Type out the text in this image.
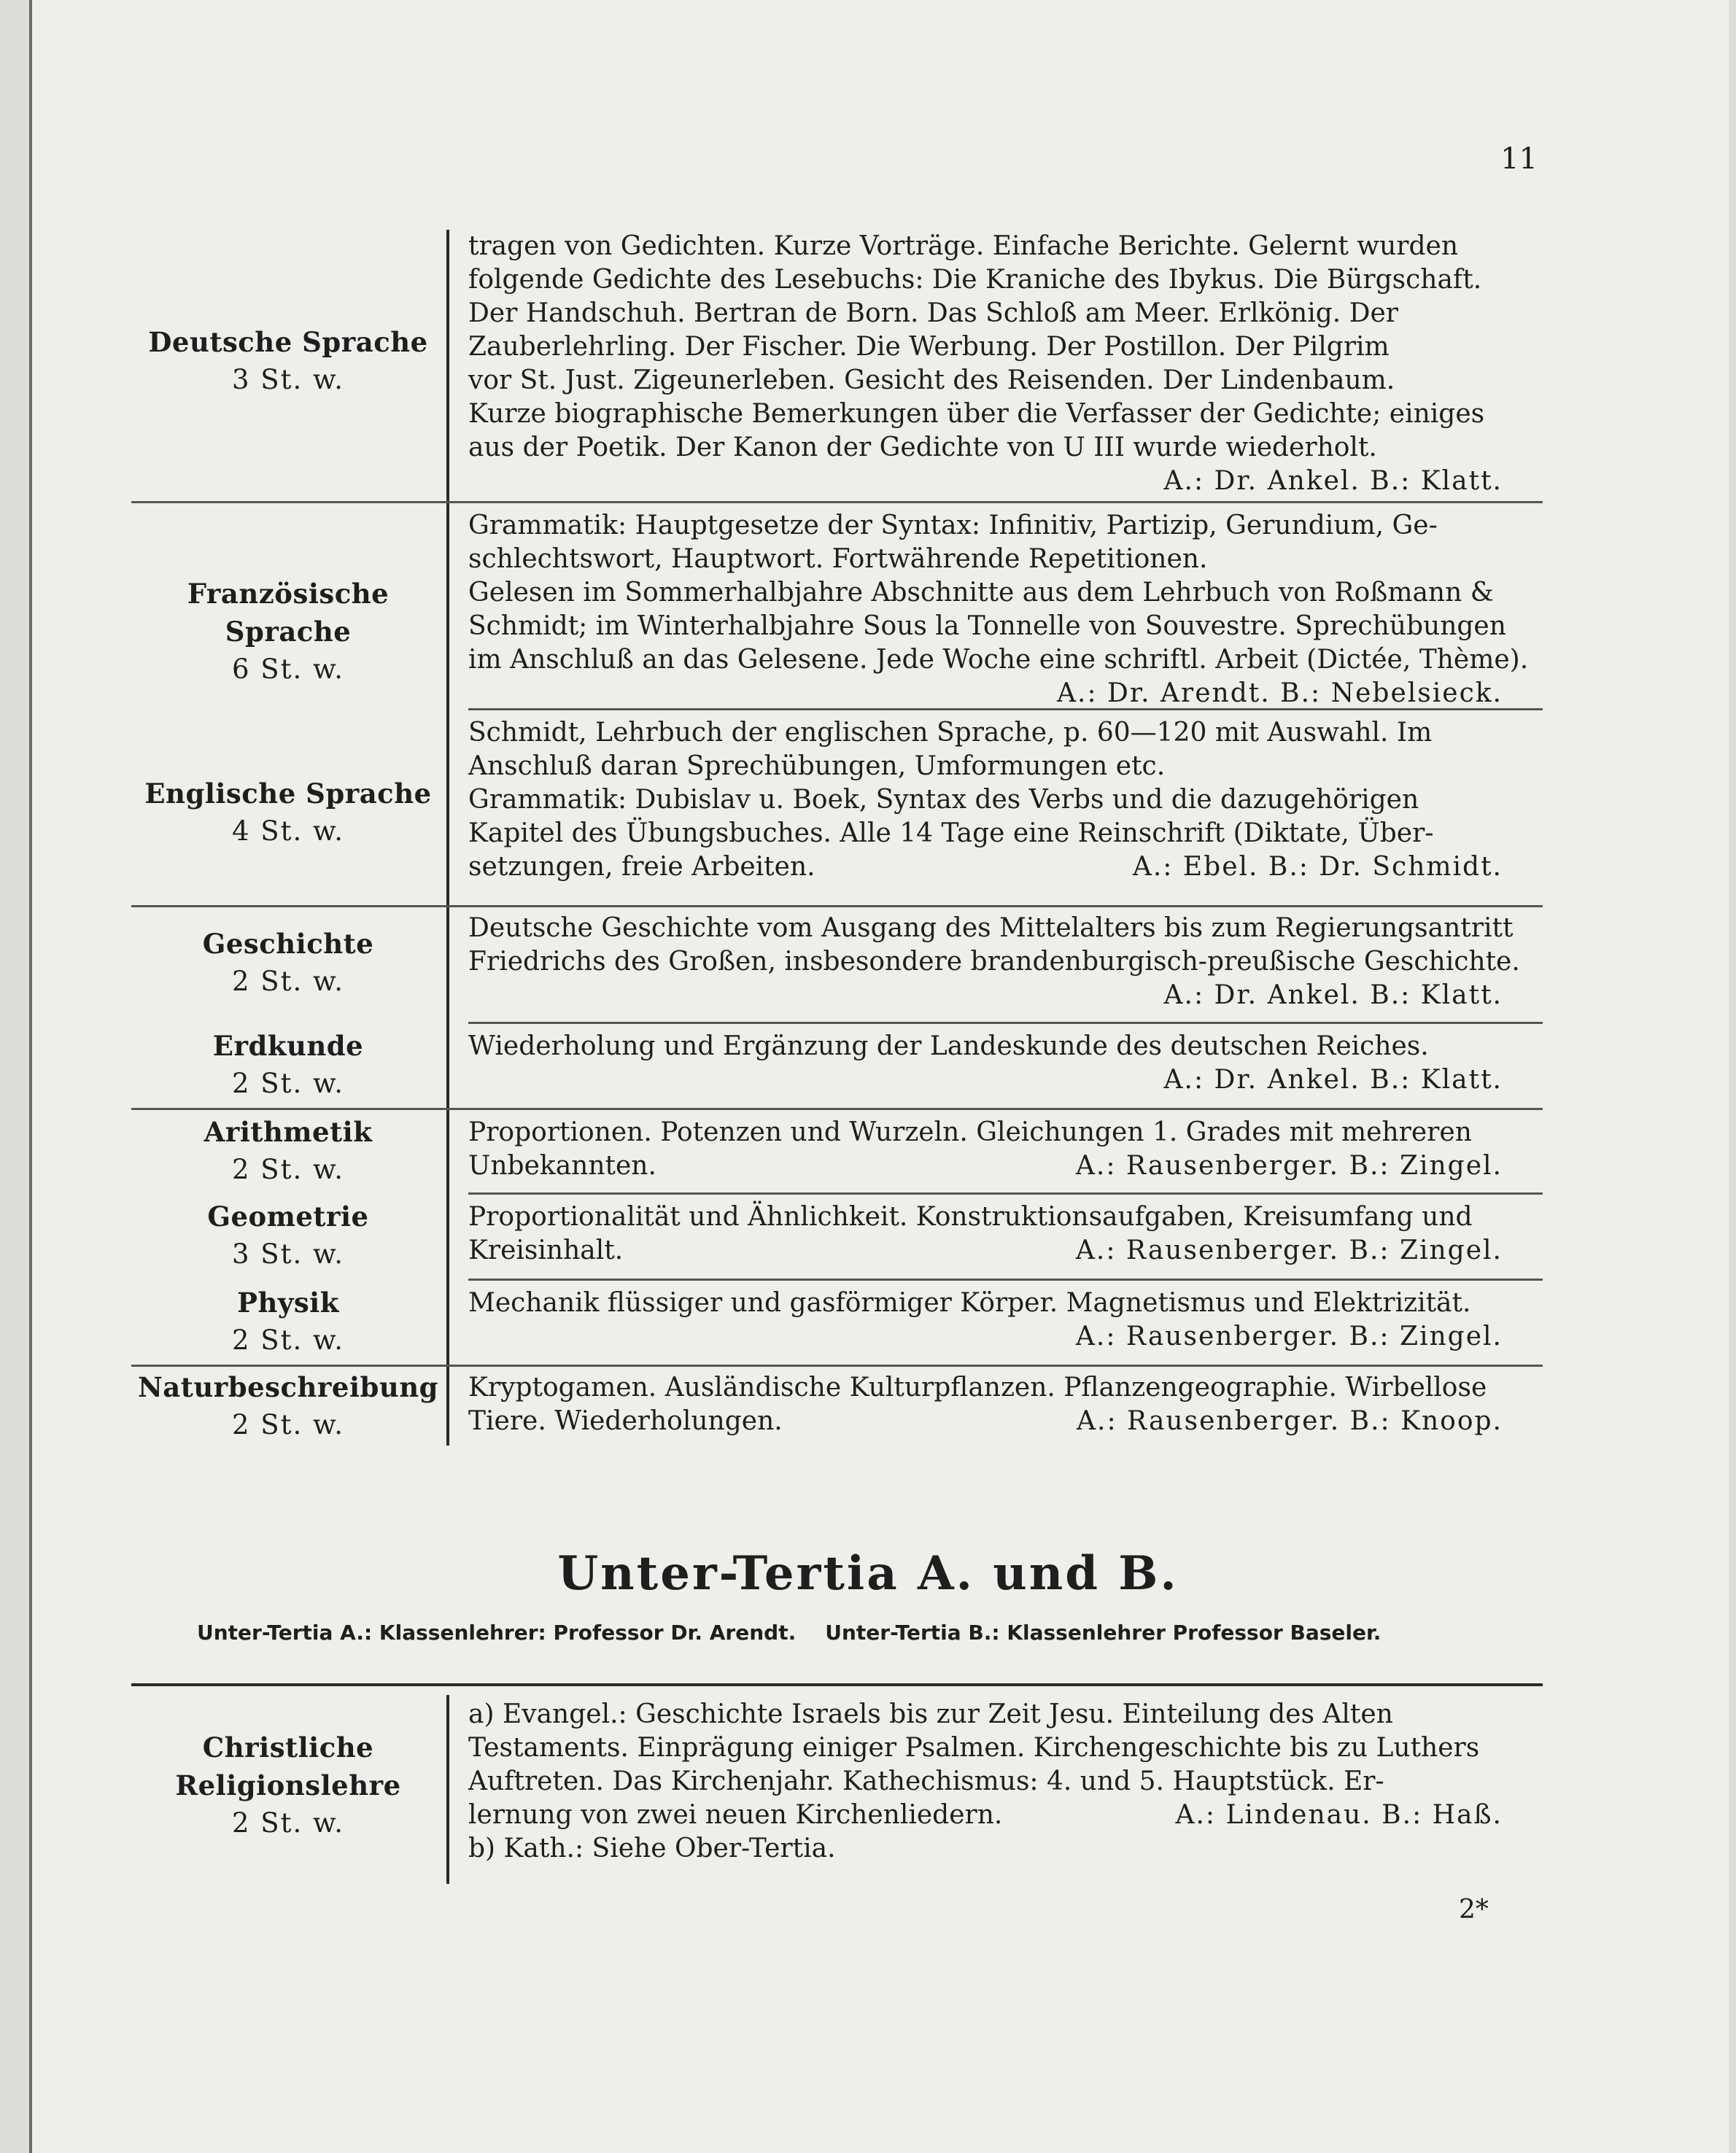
11
Deutsche Sprache
3 St. w.
tragen von Gedichten. Kurze Vorträge. Einfache Berichte. Gelernt wurden
folgende Gedichte des Lesebuchs: Die Kraniche des Ibykus. Die Bürgschaft.
Der Handschuh. Bertran de Born. Das Schloß am Meer. Erlkönig. Der
Zauberlehrling. Der Fischer. Die Werbung. Der Postillon. Der Pilgrim
vor St. Just. Zigeunerleben. Gesicht des Reisenden. Der Lindenbaum.
Kurze biographische Bemerkungen über die Verfasser der Gedichte; einiges
aus der Poetik. Der Kanon der Gedichte von U III wurde wiederholt.
A.: Dr. Ankel. B.: Klatt.
Französische Sprache
6 St. w.
Grammatik: Hauptgesetze der Syntax: Infinitiv, Partizip, Gerundium, Ge-
schlechtswort, Hauptwort. Fortwährende Repetitionen.
Gelesen im Sommerhalbjahre Abschnitte aus dem Lehrbuch von Roßmann &
Schmidt; im Winterhalbjahre Sous la Tonnelle von Souvestre. Sprechübungen
im Anschluß an das Gelesene. Jede Woche eine schriftl. Arbeit (Dictée, Thème).
A.: Dr. Arendt. B.: Nebelsieck.
Englische Sprache
4 St. w.
Schmidt, Lehrbuch der englischen Sprache, p. 60—120 mit Auswahl. Im
Anschluß daran Sprechübungen, Umformungen etc.
Grammatik: Dubislav u. Boek, Syntax des Verbs und die dazugehörigen
Kapitel des Übungsbuches. Alle 14 Tage eine Reinschrift (Diktate, Über-
setzungen, freie Arbeiten.	A.: Ebel. B.: Dr. Schmidt.
Geschichte
2 St. w.
Deutsche Geschichte vom Ausgang des Mittelalters bis zum Regierungsantritt
Friedrichs des Großen, insbesondere brandenburgisch-preußische Geschichte.
A.: Dr. Ankel. B.: Klatt.
Erdkunde
2 St. w.
Wiederholung und Ergänzung der Landeskunde des deutschen Reiches.
A.: Dr. Ankel. B.: Klatt.
Arithmetik
2 St. w.
Proportionen. Potenzen und Wurzeln. Gleichungen 1. Grades mit mehreren
Unbekannten.	A.: Rausenberger. B.: Zingel.
Geometrie
3 St. w.
Proportionalität und Ähnlichkeit. Konstruktionsaufgaben, Kreisumfang und
Kreisinhalt.	A.: Rausenberger. B.: Zingel.
Physik
2 St. w.
Mechanik flüssiger und gasförmiger Körper. Magnetismus und Elektrizität.
A.: Rausenberger. B.: Zingel.
Naturbeschreibung
2 St. w.
Kryptogamen. Ausländische Kulturpflanzen. Pflanzengeographie. Wirbellose
Tiere. Wiederholungen.	A.: Rausenberger. B.: Knoop.
Unter-Tertia A. und B.
Unter-Tertia A.: Klassenlehrer: Professor Dr. Arendt. Unter-Tertia B.: Klassenlehrer Professor Baseler.
Christliche
Religionslehre
2 St. w.
a) Evangel.: Geschichte Israels bis zur Zeit Jesu. Einteilung des Alten
Testaments. Einprägung einiger Psalmen. Kirchengeschichte bis zu Luthers
Auftreten. Das Kirchenjahr. Kathechismus: 4. und 5. Hauptstück. Er-
lernung von zwei neuen Kirchenliedern.	A.: Lindenau. B.: Haß.
b) Kath.: Siehe Ober-Tertia.
2*
